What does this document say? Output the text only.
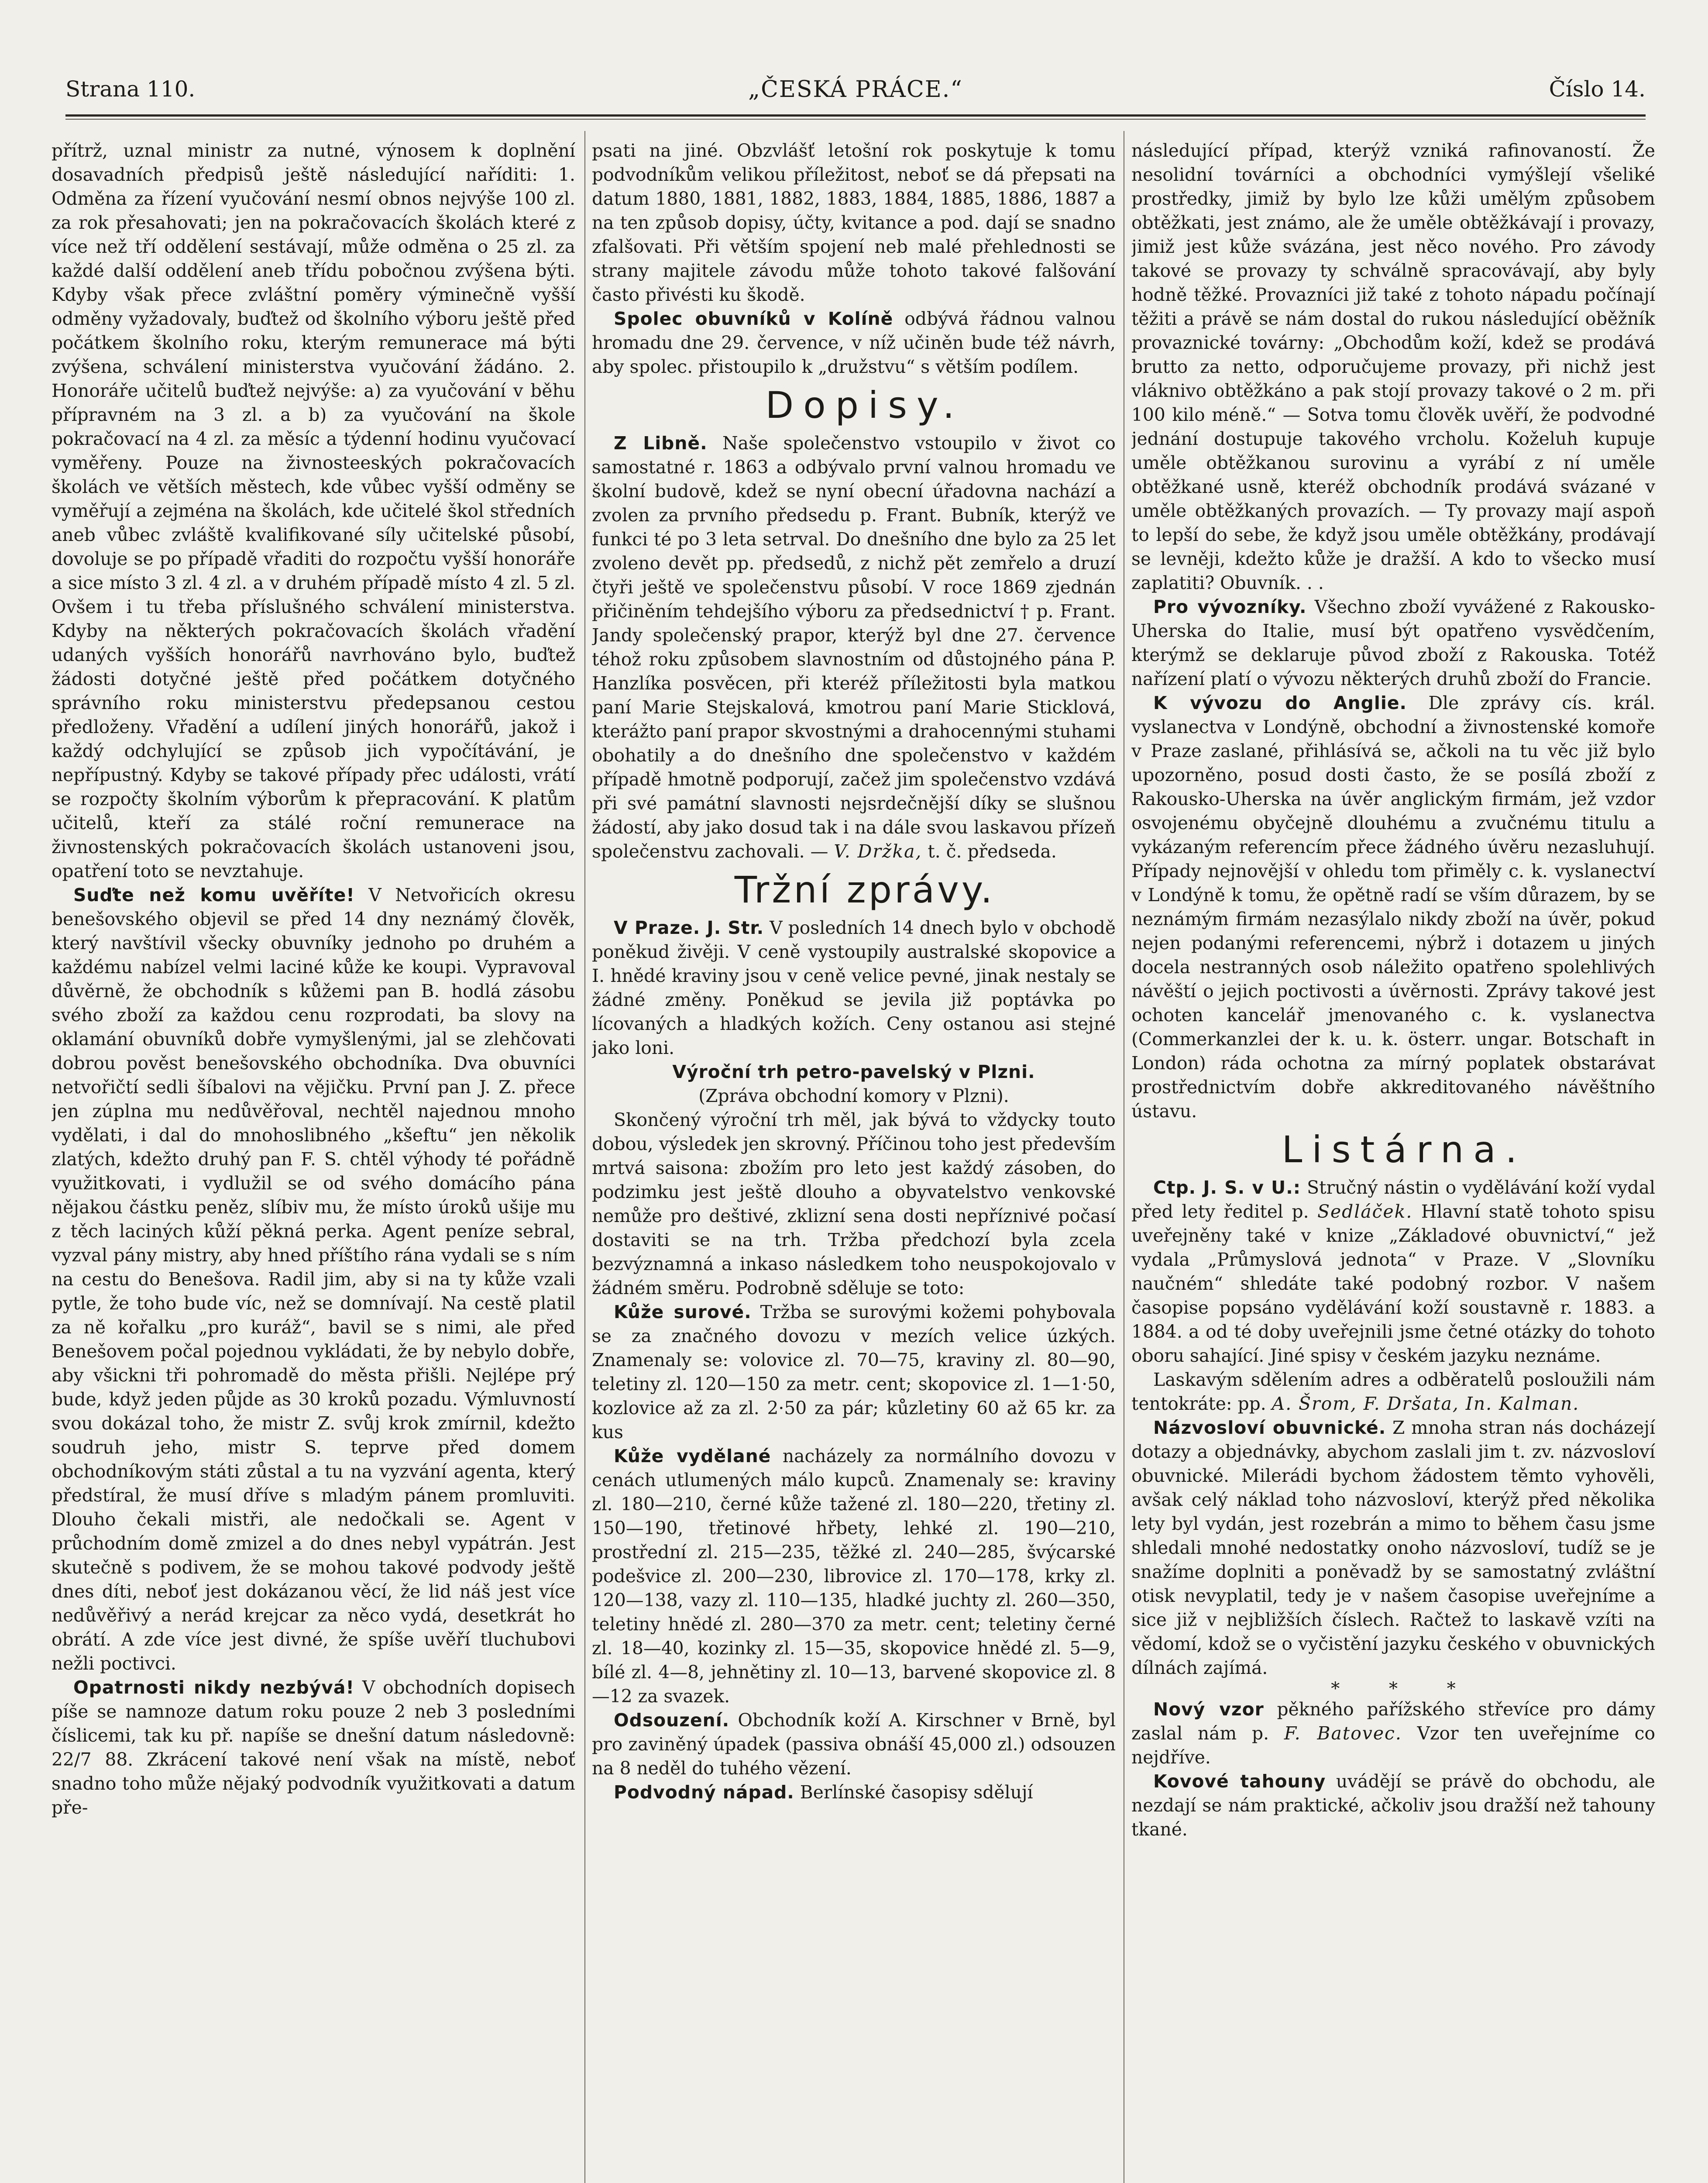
Strana 110.	„ČESKÁ PRÁCE.“	Číslo 14.

přítrž, uznal ministr za nutné, výnosem k doplnění dosavadních předpisů ještě následující naříditi: 1. Odměna za řízení vyučování nesmí obnos nejvýše 100 zl. za rok přesahovati; jen na pokračovacích školách které z více než tří oddělení sestávají, může odměna o 25 zl. za každé další oddělení aneb třídu pobočnou zvýšena býti. Kdyby však přece zvláštní poměry výminečně vyšší odměny vyžadovaly, buďtež od školního výboru ještě před počátkem školního roku, kterým remunerace má býti zvýšena, schválení ministerstva vyučování žádáno. 2. Honoráře učitelů buďtež nejvýše: a) za vyučování v běhu přípravném na 3 zl. a b) za vyučování na škole pokračovací na 4 zl. za měsíc a týdenní hodinu vyučovací vyměřeny. Pouze na živnosteeských pokračovacích školách ve větších městech, kde vůbec vyšší odměny se vyměřují a zejména na školách, kde učitelé škol středních aneb vůbec zvláště kvalifikované síly učitelské působí, dovoluje se po případě vřaditi do rozpočtu vyšší honoráře a sice místo 3 zl. 4 zl. a v druhém případě místo 4 zl. 5 zl. Ovšem i tu třeba příslušného schválení ministerstva. Kdyby na některých pokračovacích školách vřadění udaných vyšších honorářů navrhováno bylo, buďtež žádosti dotyčné ještě před počátkem dotyčného správního roku ministerstvu předepsanou cestou předloženy. Vřadění a udílení jiných honorářů, jakož i každý odchylující se způsob jich vypočítávání, je nepřípustný. Kdyby se takové případy přec události, vrátí se rozpočty školním výborům k přepracování. K platům učitelů, kteří za stálé roční remunerace na živnostenských pokračovacích školách ustanoveni jsou, opatření toto se nevztahuje.

Suďte než komu uvěříte! V Netvořicích okresu benešovského objevil se před 14 dny neznámý člověk, který navštívil všecky obuvníky jednoho po druhém a každému nabízel velmi laciné kůže ke koupi. Vypravoval důvěrně, že obchodník s kůžemi pan B. hodlá zásobu svého zboží za každou cenu rozprodati, ba slovy na oklamání obuvníků dobře vymyšlenými, jal se zlehčovati dobrou pověst benešovského obchodníka. Dva obuvníci netvořičtí sedli šíbalovi na vějičku. První pan J. Z. přece jen zúplna mu nedůvěřoval, nechtěl najednou mnoho vydělati, i dal do mnohoslibného „kšeftu“ jen několik zlatých, kdežto druhý pan F. S. chtěl výhody té pořádně využitkovati, i vydlužil se od svého domácího pána nějakou částku peněz, slíbiv mu, že místo úroků ušije mu z těch laciných kůží pěkná perka. Agent peníze sebral, vyzval pány mistry, aby hned příštího rána vydali se s ním na cestu do Benešova. Radil jim, aby si na ty kůže vzali pytle, že toho bude víc, než se domnívají. Na cestě platil za ně kořalku „pro kuráž“, bavil se s nimi, ale před Benešovem počal pojednou vykládati, že by nebylo dobře, aby všickni tři pohromadě do města přišli. Nejlépe prý bude, když jeden půjde as 30 kroků pozadu. Výmluvností svou dokázal toho, že mistr Z. svůj krok zmírnil, kdežto soudruh jeho, mistr S. teprve před domem obchodníkovým státi zůstal a tu na vyzvání agenta, který předstíral, že musí dříve s mladým pánem promluviti. Dlouho čekali mistři, ale nedočkali se. Agent v průchodním domě zmizel a do dnes nebyl vypátrán. Jest skutečně s podivem, že se mohou takové podvody ještě dnes díti, neboť jest dokázanou věcí, že lid náš jest více nedůvěřivý a nerád krejcar za něco vydá, desetkrát ho obrátí. A zde více jest divné, že spíše uvěří tluchubovi nežli poctivci.

Opatrnosti nikdy nezbývá! V obchodních dopisech píše se namnoze datum roku pouze 2 neb 3 posledními číslicemi, tak ku př. napíše se dnešní datum následovně: 22/7 88. Zkrácení takové není však na místě, neboť snadno toho může nějaký podvodník využitkovati a datum pře-

psati na jiné. Obzvlášť letošní rok poskytuje k tomu podvodníkům velikou příležitost, neboť se dá přepsati na datum 1880, 1881, 1882, 1883, 1884, 1885, 1886, 1887 a na ten způsob dopisy, účty, kvitance a pod. dají se snadno zfalšovati. Při větším spojení neb malé přehlednosti se strany majitele závodu může tohoto takové falšování často přivésti ku škodě.

Spolec obuvníků v Kolíně odbývá řádnou valnou hromadu dne 29. července, v níž učiněn bude též návrh, aby spolec. přistoupilo k „družstvu“ s větším podílem.

Dopisy.

Z Libně. Naše společenstvo vstoupilo v život co samostatné r. 1863 a odbývalo první valnou hromadu ve školní budově, kdež se nyní obecní úřadovna nachází a zvolen za prvního předsedu p. Frant. Bubník, kterýž ve funkci té po 3 leta setrval. Do dnešního dne bylo za 25 let zvoleno devět pp. předsedů, z nichž pět zemřelo a druzí čtyři ještě ve společenstvu působí. V roce 1869 zjednán přičiněním tehdejšího výboru za předsednictví † p. Frant. Jandy společenský prapor, kterýž byl dne 27. července téhož roku způsobem slavnostním od důstojného pána P. Hanzlíka posvěcen, při kteréž příležitosti byla matkou paní Marie Stejskalová, kmotrou paní Marie Sticklová, kterážto paní prapor skvostnými a drahocennými stuhami obohatily a do dnešního dne společenstvo v každém případě hmotně podporují, začež jim společenstvo vzdává při své památní slavnosti nejsrdečnější díky se slušnou žádostí, aby jako dosud tak i na dále svou laskavou přízeň společenstvu zachovali. — V. Držka, t. č. předseda.

Tržní zprávy.

V Praze. J. Str. V posledních 14 dnech bylo v obchodě poněkud živěji. V ceně vystoupily australské skopovice a I. hnědé kraviny jsou v ceně velice pevné, jinak nestaly se žádné změny. Poněkud se jevila již poptávka po lícovaných a hladkých kožích. Ceny ostanou asi stejné jako loni.

Výroční trh petro-pavelský v Plzni.

(Zpráva obchodní komory v Plzni).

Skončený výroční trh měl, jak bývá to vždycky touto dobou, výsledek jen skrovný. Příčinou toho jest především mrtvá saisona: zbožím pro leto jest každý zásoben, do podzimku jest ještě dlouho a obyvatelstvo venkovské nemůže pro deštivé, zklizní sena dosti nepříznivé počasí dostaviti se na trh. Tržba předchozí byla zcela bezvýznamná a inkaso následkem toho neuspokojovalo v žádném směru. Podrobně sděluje se toto:

Kůže surové. Tržba se surovými kožemi pohybovala se za značného dovozu v mezích velice úzkých. Znamenaly se: volovice zl. 70—75, kraviny zl. 80—90, teletiny zl. 120—150 za metr. cent; skopovice zl. 1—1·50, kozlovice až za zl. 2·50 za pár; kůzletiny 60 až 65 kr. za kus

Kůže vydělané nacházely za normálního dovozu v cenách utlumených málo kupců. Znamenaly se: kraviny zl. 180—210, černé kůže tažené zl. 180—220, třetiny zl. 150—190, třetinové hřbety, lehké zl. 190—210, prostřední zl. 215—235, těžké zl. 240—285, švýcarské podešvice zl. 200—230, librovice zl. 170—178, krky zl. 120—138, vazy zl. 110—135, hladké juchty zl. 260—350, teletiny hnědé zl. 280—370 za metr. cent; teletiny černé zl. 18—40, kozinky zl. 15—35, skopovice hnědé zl. 5—9, bílé zl. 4—8, jehnětiny zl. 10—13, barvené skopovice zl. 8—12 za svazek.

Odsouzení. Obchodník koží A. Kirschner v Brně, byl pro zaviněný úpadek (passiva obnáší 45,000 zl.) odsouzen na 8 neděl do tuhého vězení.

Podvodný nápad. Berlínské časopisy sdělují

následující případ, kterýž vzniká rafinovaností. Že nesolidní továrníci a obchodníci vymýšlejí všeliké prostředky, jimiž by bylo lze kůži umělým způsobem obtěžkati, jest známo, ale že uměle obtěžkávají i provazy, jimiž jest kůže svázána, jest něco nového. Pro závody takové se provazy ty schválně spracovávají, aby byly hodně těžké. Provazníci již také z tohoto nápadu počínají těžiti a právě se nám dostal do rukou následující oběžník provaznické továrny: „Obchodům koží, kdež se prodává brutto za netto, odporučujeme provazy, při nichž jest vláknivo obtěžkáno a pak stojí provazy takové o 2 m. při 100 kilo méně.“ — Sotva tomu člověk uvěří, že podvodné jednání dostupuje takového vrcholu. Koželuh kupuje uměle obtěžkanou surovinu a vyrábí z ní uměle obtěžkané usně, kteréž obchodník prodává svázané v uměle obtěžkaných provazích. — Ty provazy mají aspoň to lepší do sebe, že když jsou uměle obtěžkány, prodávají se levněji, kdežto kůže je dražší. A kdo to všecko musí zaplatiti? Obuvník. . .

Pro vývozníky. Všechno zboží vyvážené z Rakousko-Uherska do Italie, musí být opatřeno vysvědčením, kterýmž se deklaruje původ zboží z Rakouska. Totéž nařízení platí o vývozu některých druhů zboží do Francie.

K vývozu do Anglie. Dle zprávy cís. král. vyslanectva v Londýně, obchodní a živnostenské komoře v Praze zaslané, přihlásívá se, ačkoli na tu věc již bylo upozorněno, posud dosti často, že se posílá zboží z Rakousko-Uherska na úvěr anglickým firmám, jež vzdor osvojenému obyčejně dlouhému a zvučnému titulu a vykázaným referencím přece žádného úvěru nezasluhují. Případy nejnovější v ohledu tom přiměly c. k. vyslanectví v Londýně k tomu, že opětně radí se vším důrazem, by se neznámým firmám nezasýlalo nikdy zboží na úvěr, pokud nejen podanými referencemi, nýbrž i dotazem u jiných docela nestranných osob náležito opatřeno spolehlivých návěští o jejich poctivosti a úvěrnosti. Zprávy takové jest ochoten kancelář jmenovaného c. k. vyslanectva (Commerkanzlei der k. u. k. österr. ungar. Botschaft in London) ráda ochotna za mírný poplatek obstarávat prostřednictvím dobře akkreditovaného návěštního ústavu.

Listárna.

Ctp. J. S. v U.: Stručný nástin o vydělávání koží vydal před lety ředitel p. Sedláček. Hlavní statě tohoto spisu uveřejněny také v knize „Základové obuvnictví,“ jež vydala „Průmyslová jednota“ v Praze. V „Slovníku naučném“ shledáte také podobný rozbor. V našem časopise popsáno vydělávání koží soustavně r. 1883. a 1884. a od té doby uveřejnili jsme četné otázky do tohoto oboru sahající. Jiné spisy v českém jazyku neznáme.

Laskavým sdělením adres a odběratelů posloužili nám tentokráte: pp. A. Šrom, F. Dršata, In. Kalman.

Názvosloví obuvnické. Z mnoha stran nás docházejí dotazy a objednávky, abychom zaslali jim t. zv. názvosloví obuvnické. Milerádi bychom žádostem těmto vyhověli, avšak celý náklad toho názvosloví, kterýž před několika lety byl vydán, jest rozebrán a mimo to během času jsme shledali mnohé nedostatky onoho názvosloví, tudíž se je snažíme doplniti a poněvadž by se samostatný zvláštní otisk nevyplatil, tedy je v našem časopise uveřejníme a sice již v nejbližších číslech. Račtež to laskavě vzíti na vědomí, kdož se o vyčistění jazyku českého v obuvnických dílnách zajímá.

* * *

Nový vzor pěkného pařížského střevíce pro dámy zaslal nám p. F. Batovec. Vzor ten uveřejníme co nejdříve.

Kovové tahouny uvádějí se právě do obchodu, ale nezdají se nám praktické, ačkoliv jsou dražší než tahouny tkané.
